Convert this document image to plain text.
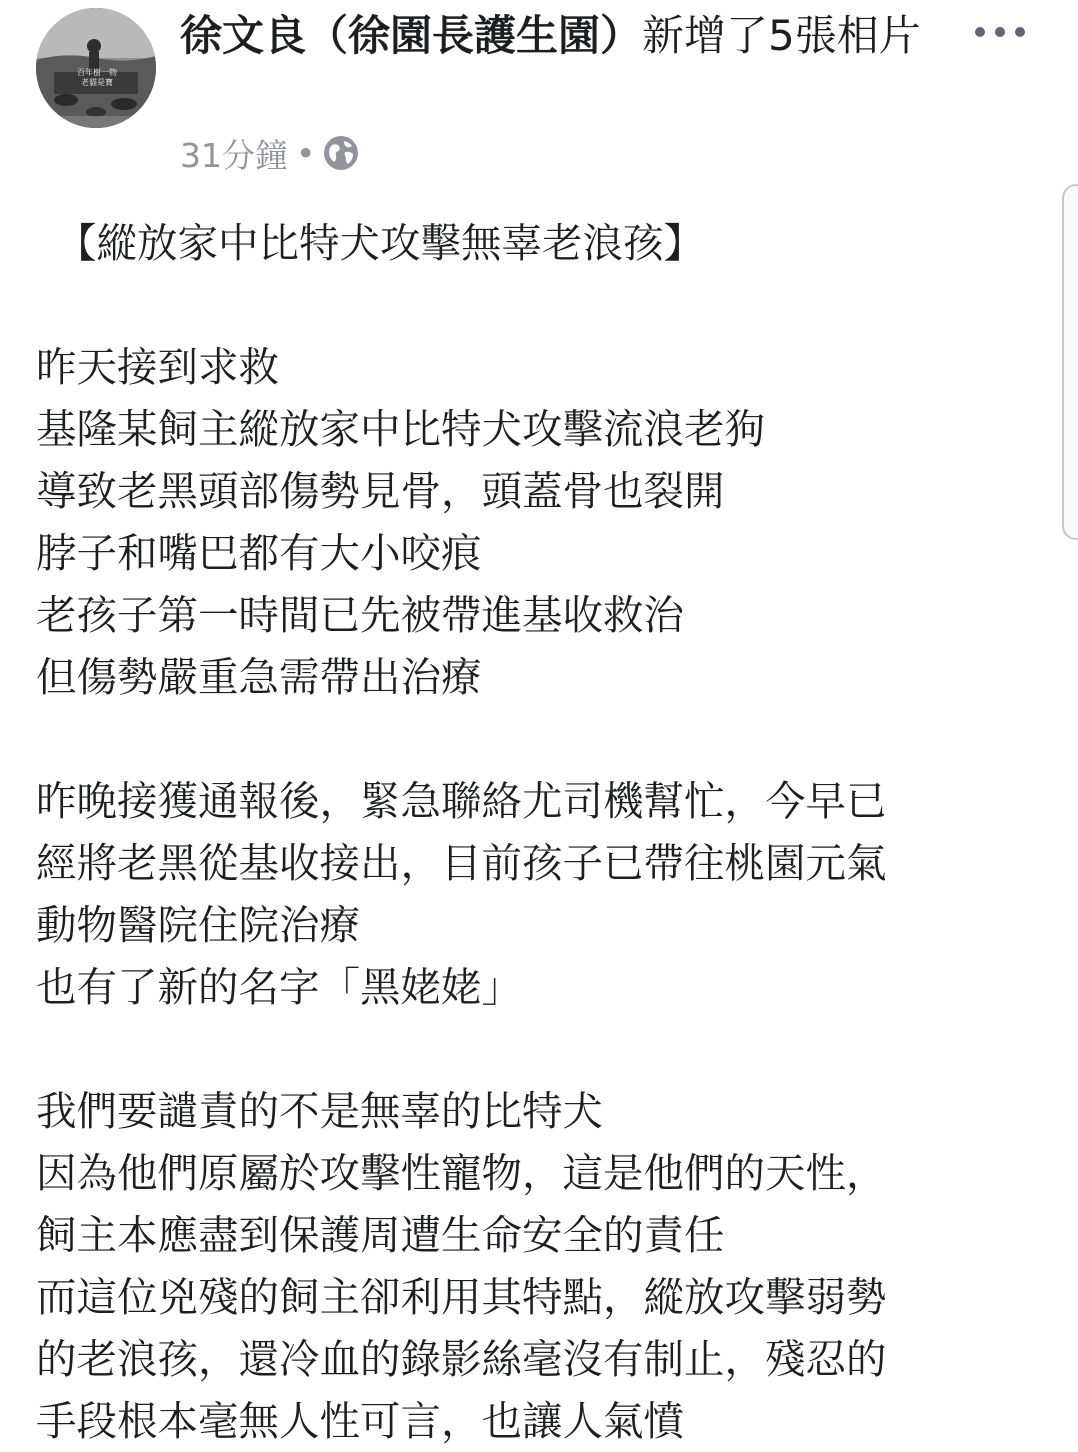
百年樹一物
老貓是寶
徐文良（徐園長護生園）新增了5張相片
31分鐘 •
【縱放家中比特犬攻擊無辜老浪孩】
昨天接到求救
基隆某飼主縱放家中比特犬攻擊流浪老狗
導致老黑頭部傷勢見骨，頭蓋骨也裂開
脖子和嘴巴都有大小咬痕
老孩子第一時間已先被帶進基收救治
但傷勢嚴重急需帶出治療
昨晚接獲通報後，緊急聯絡尤司機幫忙，今早已
經將老黑從基收接出，目前孩子已帶往桃園元氣
動物醫院住院治療
也有了新的名字「黑姥姥」
我們要譴責的不是無辜的比特犬
因為他們原屬於攻擊性寵物，這是他們的天性，
飼主本應盡到保護周遭生命安全的責任
而這位兇殘的飼主卻利用其特點，縱放攻擊弱勢
的老浪孩，還冷血的錄影絲毫沒有制止，殘忍的
手段根本毫無人性可言，也讓人氣憤
